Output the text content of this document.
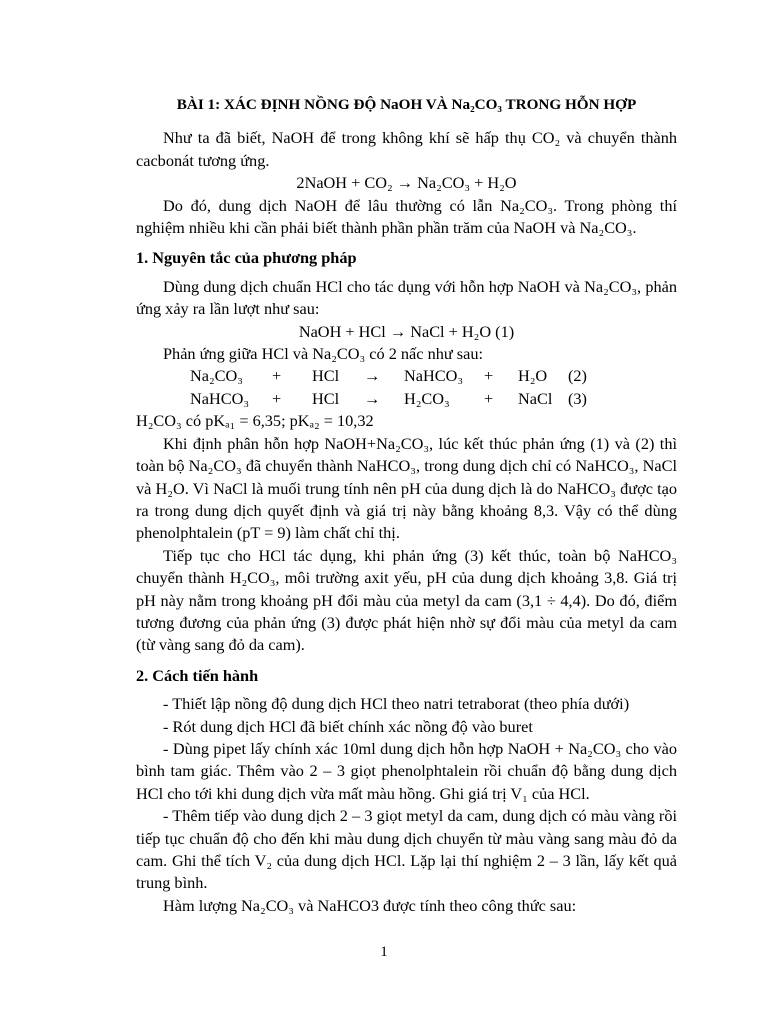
BÀI 1: XÁC ĐỊNH NỒNG ĐỘ NaOH VÀ Na₂CO₃ TRONG HỖN HỢP

Như ta đã biết, NaOH để trong không khí sẽ hấp thụ CO₂ và chuyển thành cacbonát tương ứng.

2NaOH + CO₂ → Na₂CO₃ + H₂O

Do đó, dung dịch NaOH để lâu thường có lẫn Na₂CO₃. Trong phòng thí nghiệm nhiều khi cần phải biết thành phần phần trăm của NaOH và Na₂CO₃.

1. Nguyên tắc của phương pháp

Dùng dung dịch chuẩn HCl cho tác dụng với hỗn hợp NaOH và Na₂CO₃, phản ứng xảy ra lần lượt như sau:

NaOH + HCl → NaCl + H₂O (1)

Phản ứng giữa HCl và Na₂CO₃ có 2 nấc như sau:

Na₂CO₃	+	HCl	→	NaHCO₃	+	H₂O	(2)
NaHCO₃	+	HCl	→	H₂CO₃	+	NaCl (3)

H₂CO₃ có pKₐ₁ = 6,35; pKₐ₂ = 10,32

Khi định phân hỗn hợp NaOH+Na₂CO₃, lúc kết thúc phản ứng (1) và (2) thì toàn bộ Na₂CO₃ đã chuyển thành NaHCO₃, trong dung dịch chỉ có NaHCO₃, NaCl và H₂O. Vì NaCl là muối trung tính nên pH của dung dịch là do NaHCO₃ được tạo ra trong dung dịch quyết định và giá trị này bằng khoảng 8,3. Vậy có thể dùng phenolphtalein (pT = 9) làm chất chỉ thị.

Tiếp tục cho HCl tác dụng, khi phản ứng (3) kết thúc, toàn bộ NaHCO₃ chuyển thành H₂CO₃, môi trường axit yếu, pH của dung dịch khoảng 3,8. Giá trị pH này nằm trong khoảng pH đổi màu của metyl da cam (3,1 ÷ 4,4). Do đó, điểm tương đương của phản ứng (3) được phát hiện nhờ sự đổi màu của metyl da cam (từ vàng sang đỏ da cam).

2. Cách tiến hành

- Thiết lập nồng độ dung dịch HCl theo natri tetraborat (theo phía dưới)

- Rót dung dịch HCl đã biết chính xác nồng độ vào buret

- Dùng pipet lấy chính xác 10ml dung dịch hỗn hợp NaOH + Na₂CO₃ cho vào bình tam giác. Thêm vào 2 – 3 giọt phenolphtalein rồi chuẩn độ bằng dung dịch HCl cho tới khi dung dịch vừa mất màu hồng. Ghi giá trị V₁ của HCl.

- Thêm tiếp vào dung dịch 2 – 3 giọt metyl da cam, dung dịch có màu vàng rồi tiếp tục chuẩn độ cho đến khi màu dung dịch chuyển từ màu vàng sang màu đỏ da cam. Ghi thể tích V₂ của dung dịch HCl. Lặp lại thí nghiệm 2 – 3 lần, lấy kết quả trung bình.

Hàm lượng Na₂CO₃ và NaHCO3 được tính theo công thức sau:

1
